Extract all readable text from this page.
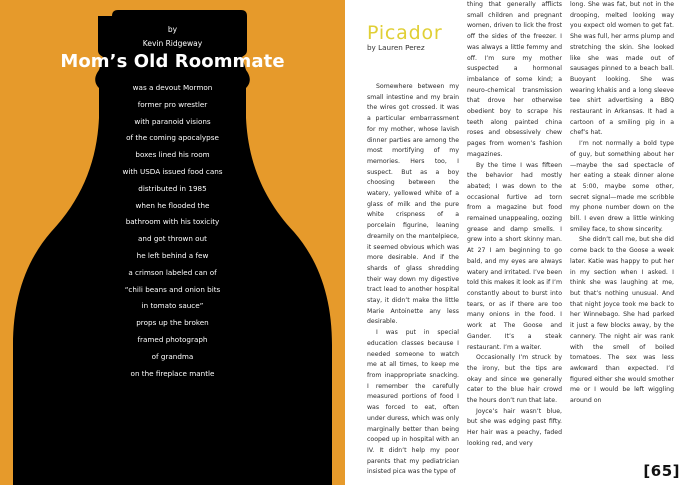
by
Kevin Ridgeway
Mom’s Old Roommate
was a devout Mormon
former pro wrestler
with paranoid visions
of the coming apocalypse
boxes lined his room
with USDA issued food cans
distributed in 1985
when he flooded the
bathroom with his toxicity
and got thrown out
he left behind a few
a crimson labeled can of
“chili beans and onion bits
in tomato sauce”
props up the broken
framed photograph
of grandma
on the fireplace mantle
Picador
by Lauren Perez

Somewhere between my small intestine and my brain the wires got crossed. It was a particular embarrassment for my mother, whose lavish dinner parties are among the most mortifying of my memories. Hers too, I suspect. But as a boy choosing between the watery, yellowed white of a glass of milk and the pure white crispness of a porcelain figurine, leaning dreamily on the mantelpiece, it seemed obvious which was more desirable. And if the shards of glass shredding their way down my digestive tract lead to another hospital stay, it didn’t make the little Marie Antoinette any less desirable.

I was put in special education classes because I needed someone to watch me at all times, to keep me from inappropriate snacking. I remember the carefully measured portions of food I was forced to eat, often under duress, which was only marginally better than being cooped up in hospital with an IV. It didn’t help my poor parents that my pediatrician insisted pica was the type of

thing that generally afflicts small children and pregnant women, driven to lick the frost off the sides of the freezer. I was always a little femmy and off. I’m sure my mother suspected a hormonal imbalance of some kind; a neuro-chemical transmission that drove her otherwise obedient boy to scrape his teeth along painted china roses and obsessively chew pages from women’s fashion magazines.

By the time I was fifteen the behavior had mostly abated; I was down to the occasional furtive ad torn from a magazine but food remained unappealing, oozing grease and damp smells. I grew into a short skinny man. At 27 I am beginning to go bald, and my eyes are always watery and irritated. I’ve been told this makes it look as if I’m constantly about to burst into tears, or as if there are too many onions in the food. I work at The Goose and Gander. It’s a steak restaurant. I’m a waiter.

Occasionally I’m struck by the irony, but the tips are okay and since we generally cater to the blue hair crowd the hours don’t run that late.

Joyce’s hair wasn’t blue, but she was edging past fifty. Her hair was a peachy, faded looking red, and very

long. She was fat, but not in the drooping, melted looking way you expect old women to get fat. She was full, her arms plump and stretching the skin. She looked like she was made out of sausages pinned to a beach ball. Buoyant looking. She was wearing khakis and a long sleeve tee shirt advertising a BBQ restaurant in Arkansas. It had a cartoon of a smiling pig in a chef’s hat.

I’m not normally a bold type of guy, but something about her—maybe the sad spectacle of her eating a steak dinner alone at 5:00, maybe some other, secret signal—made me scribble my phone number down on the bill. I even drew a little winking smiley face, to show sincerity.

She didn’t call me, but she did come back to the Goose a week later. Katie was happy to put her in my section when I asked. I think she was laughing at me, but that’s nothing unusual. And that night Joyce took me back to her Winnebago. She had parked it just a few blocks away, by the cannery. The night air was rank with the smell of boiled tomatoes. The sex was less awkward than expected. I’d figured either she would smother me or I would be left wiggling around on

[65]
